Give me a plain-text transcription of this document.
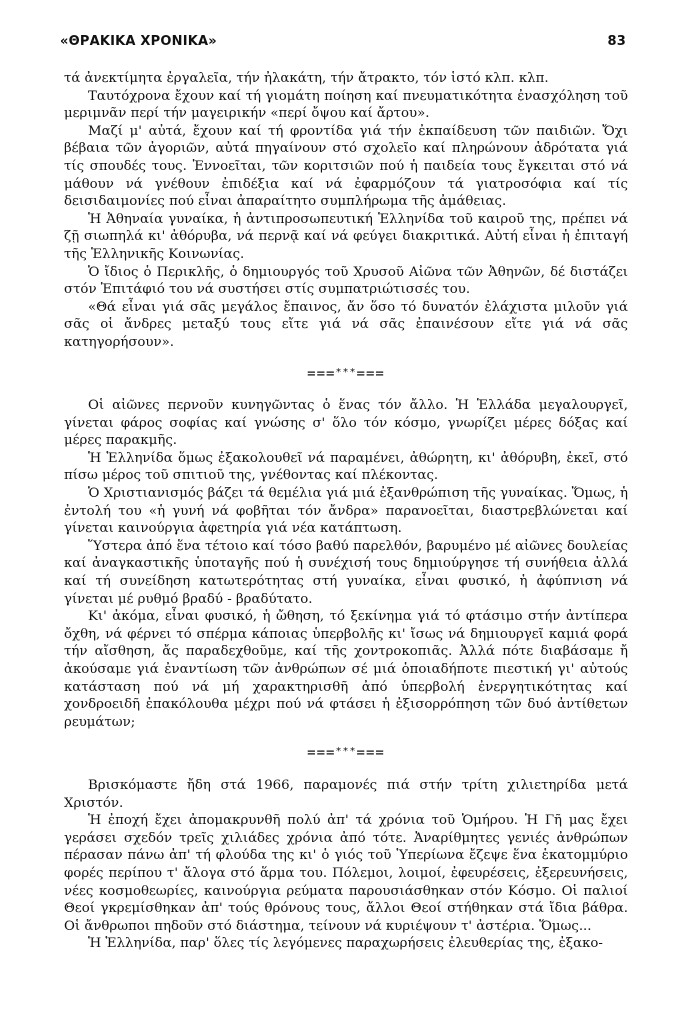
«ΘΡΑΚΙΚΑ ΧΡΟΝΙΚΑ»	83

τά ἀνεκτίμητα ἐργαλεῖα, τήν ἠλακάτη, τήν ἄτρακτο, τόν ἱστό κλπ. κλπ.

Ταυτόχρονα ἔχουν καί τή γιομάτη ποίηση καί πνευματικότητα ἐνασχόληση τοῦ μεριμνᾶν περί τήν μαγειρικήν «περί ὄψου καί ἄρτου».

Μαζί μ' αὐτά, ἔχουν καί τή φροντίδα γιά τήν ἐκπαίδευση τῶν παιδιῶν. Ὄχι βέβαια τῶν ἀγοριῶν, αὐτά πηγαίνουν στό σχολεῖο καί πληρώνουν ἁδρότατα γιά τίς σπουδές τους. Ἐννοεῖται, τῶν κοριτσιῶν πού ἡ παιδεία τους ἔγκειται στό νά μάθουν νά γνέθουν ἐπιδέξια καί νά ἐφαρμόζουν τά γιατροσόφια καί τίς δεισιδαιμονίες πού εἶναι ἀπαραίτητο συμπλήρωμα τῆς ἀμάθειας.

Ἡ Ἀθηναία γυναίκα, ἡ ἀντιπροσωπευτική Ἑλληνίδα τοῦ καιροῦ της, πρέπει νά ζῇ σιωπηλά κι' ἀθόρυβα, νά περνᾷ καί νά φεύγει διακριτικά. Αὐτή εἶναι ἡ ἐπιταγή τῆς Ἑλληνικῆς Κοινωνίας.

Ὁ ἴδιος ὁ Περικλῆς, ὁ δημιουργός τοῦ Χρυσοῦ Αἰῶνα τῶν Ἀθηνῶν, δέ διστάζει στόν Ἐπιτάφιό του νά συστήσει στίς συμπατριώτισσές του.

«Θά εἶναι γιά σᾶς μεγάλος ἔπαινος, ἄν ὅσο τό δυνατόν ἐλάχιστα μιλοῦν γιά σᾶς οἱ ἄνδρες μεταξύ τους εἴτε γιά νά σᾶς ἐπαινέσουν εἴτε γιά νά σᾶς κατηγορήσουν».

===***===

Οἱ αἰῶνες περνοῦν κυνηγῶντας ὁ ἕνας τόν ἄλλο. Ἡ Ἑλλάδα μεγαλουργεῖ, γίνεται φάρος σοφίας καί γνώσης σ' ὅλο τόν κόσμο, γνωρίζει μέρες δόξας καί μέρες παρακμῆς.

Ἡ Ἑλληνίδα ὅμως ἐξακολουθεῖ νά παραμένει, ἀθώρητη, κι' ἀθόρυβη, ἐκεῖ, στό πίσω μέρος τοῦ σπιτιοῦ της, γνέθοντας καί πλέκοντας.

Ὁ Χριστιανισμός βάζει τά θεμέλια γιά μιά ἐξανθρώπιση τῆς γυναίκας. Ὅμως, ἡ ἐντολή του «ἡ γυνή νά φοβῆται τόν ἄνδρα» παρανοεῖται, διαστρεβλώνεται καί γίνεται καινούργια ἀφετηρία γιά νέα κατάπτωση.

Ὕστερα ἀπό ἕνα τέτοιο καί τόσο βαθύ παρελθόν, βαρυμένο μέ αἰῶνες δουλείας καί ἀναγκαστικῆς ὑποταγῆς πού ἡ συνέχισή τους δημιούργησε τή συνήθεια ἀλλά καί τή συνείδηση κατωτερότητας στή γυναίκα, εἶναι φυσικό, ἡ ἀφύπνιση νά γίνεται μέ ρυθμό βραδύ - βραδύτατο.

Κι' ἀκόμα, εἶναι φυσικό, ἡ ὤθηση, τό ξεκίνημα γιά τό φτάσιμο στήν ἀντίπερα ὄχθη, νά φέρνει τό σπέρμα κάποιας ὑπερβολῆς κι' ἴσως νά δημιουργεῖ καμιά φορά τήν αἴσθηση, ἄς παραδεχθοῦμε, καί τῆς χοντροκοπιᾶς. Ἀλλά πότε διαβάσαμε ἤ ἀκούσαμε γιά ἐναντίωση τῶν ἀνθρώπων σέ μιά ὁποιαδήποτε πιεστική γι' αὐτούς κατάσταση πού νά μή χαρακτηρισθῆ ἀπό ὑπερβολή ἐνεργητικότητας καί χονδροειδῆ ἐπακόλουθα μέχρι πού νά φτάσει ἡ ἐξισορρόπηση τῶν δυό ἀντίθετων ρευμάτων;

===***===

Βρισκόμαστε ἤδη στά 1966, παραμονές πιά στήν τρίτη χιλιετηρίδα μετά Χριστόν.

Ἡ ἐποχή ἔχει ἀπομακρυνθῆ πολύ ἀπ' τά χρόνια τοῦ Ὁμήρου. Ἡ Γῆ μας ἔχει γεράσει σχεδόν τρεῖς χιλιάδες χρόνια ἀπό τότε. Ἀναρίθμητες γενιές ἀνθρώπων πέρασαν πάνω ἀπ' τή φλούδα της κι' ὁ γιός τοῦ Ὑπερίωνα ἔζεψε ἕνα ἑκατομμύριο φορές περίπου τ' ἄλογα στό ἅρμα του. Πόλεμοι, λοιμοί, ἐφευρέσεις, ἐξερευνήσεις, νέες κοσμοθεωρίες, καινούργια ρεύματα παρουσιάσθηκαν στόν Κόσμο. Οἱ παλιοί Θεοί γκρεμίσθηκαν ἀπ' τούς θρόνους τους, ἄλλοι Θεοί στήθηκαν στά ἴδια βάθρα. Οἱ ἄνθρωποι πηδοῦν στό διάστημα, τείνουν νά κυριέψουν τ' ἀστέρια. Ὅμως...

Ἡ Ἑλληνίδα, παρ' ὅλες τίς λεγόμενες παραχωρήσεις ἐλευθερίας της, ἐξακο-
